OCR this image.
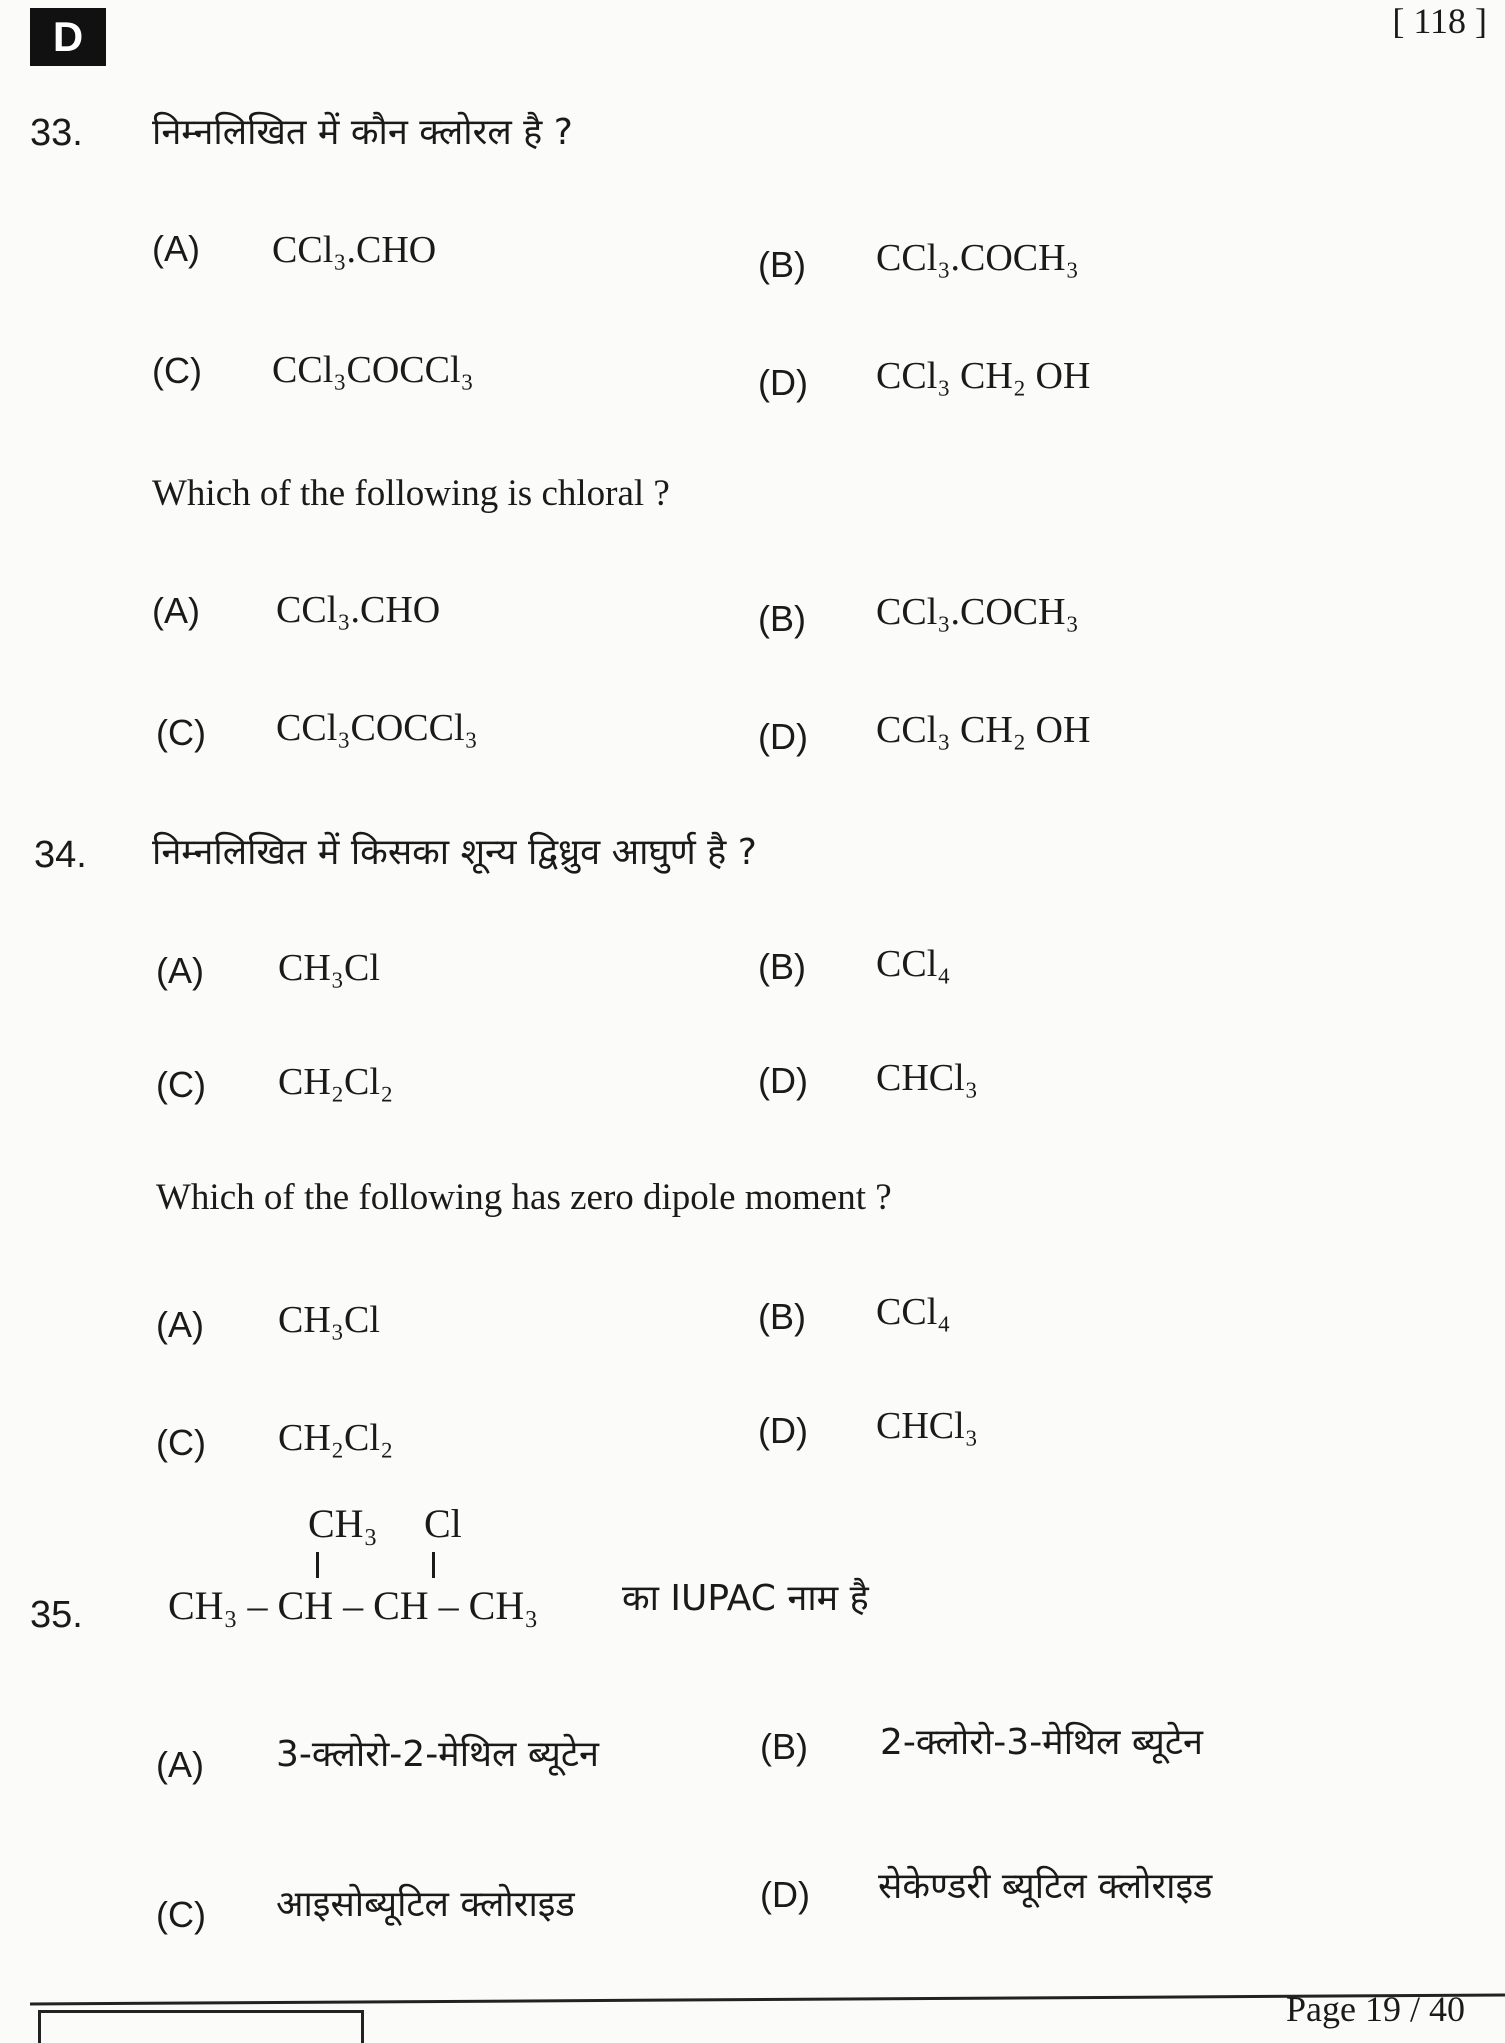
D	[ 118 ]
33. निम्नलिखित में कौन क्लोरल है ?
(A) CCl₃.CHO	(B) CCl₃.COCH₃
(C) CCl₃COCCl₃	(D) CCl₃ CH₂ OH
Which of the following is chloral ?
(A) CCl₃.CHO	(B) CCl₃.COCH₃
(C) CCl₃COCCl₃	(D) CCl₃ CH₂ OH
34. निम्नलिखित में किसका शून्य द्विध्रुव आघुर्ण है ?
(A) CH₃Cl	(B) CCl₄
(C) CH₂Cl₂	(D) CHCl₃
Which of the following has zero dipole moment ?
(A) CH₃Cl	(B) CCl₄
(C) CH₂Cl₂	(D) CHCl₃
CH₃ Cl
35. CH₃ – CH – CH – CH₃ का IUPAC नाम है
(A) 3-क्लोरो-2-मेथिल ब्यूटेन	(B) 2-क्लोरो-3-मेथिल ब्यूटेन
(C) आइसोब्यूटिल क्लोराइड	(D) सेकेण्डरी ब्यूटिल क्लोराइड
Page 19 / 40
